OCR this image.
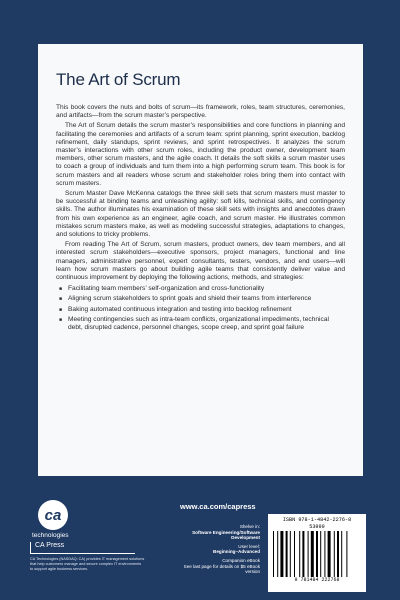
The Art of Scrum

This book covers the nuts and bolts of scrum—its framework, roles, team structures, ceremonies, and artifacts—from the scrum master’s perspective.

The Art of Scrum details the scrum master’s responsibilities and core functions in planning and facilitating the ceremonies and artifacts of a scrum team: sprint planning, sprint execution, backlog refinement, daily standups, sprint reviews, and sprint retrospectives. It analyzes the scrum master’s interactions with other scrum roles, including the product owner, development team members, other scrum masters, and the agile coach. It details the soft skills a scrum master uses to coach a group of individuals and turn them into a high performing scrum team. This book is for scrum masters and all readers whose scrum and stakeholder roles bring them into contact with scrum masters.

Scrum Master Dave McKenna catalogs the three skill sets that scrum masters must master to be successful at binding teams and unleashing agility: soft kills, technical skills, and contingency skills. The author illuminates his examination of these skill sets with insights and anecdotes drawn from his own experience as an engineer, agile coach, and scrum master. He illustrates common mistakes scrum masters make, as well as modeling successful strategies, adaptations to changes, and solutions to tricky problems.

From reading The Art of Scrum, scrum masters, product owners, dev team members, and all interested scrum stakeholders—executive sponsors, project managers, functional and line managers, administrative personnel, expert consultants, testers, vendors, and end users—will learn how scrum masters go about building agile teams that consistently deliver value and continuous improvement by deploying the following actions, methods, and strategies:

■ Facilitating team members’ self-organization and cross-functionality
■ Aligning scrum stakeholders to sprint goals and shield their teams from interference
■ Baking automated continuous integration and testing into backlog refinement
■ Meeting contingencies such as intra-team conflicts, organizational impediments, technical debt, disrupted cadence, personnel changes, scope creep, and sprint goal failure
www.ca.com/capress
ca
technologies
CA Press
CA Technologies (NASDAQ: CA) provides IT management solutions that help customers manage and secure complex IT environments to support agile business services.
Shelve in:
Software Engineering/Software Development
User level:
Beginning–Advanced
Companion eBook
See last page for details on $5 eBook version
ISBN 978-1-4842-2276-8
53999
9 781484 222768
